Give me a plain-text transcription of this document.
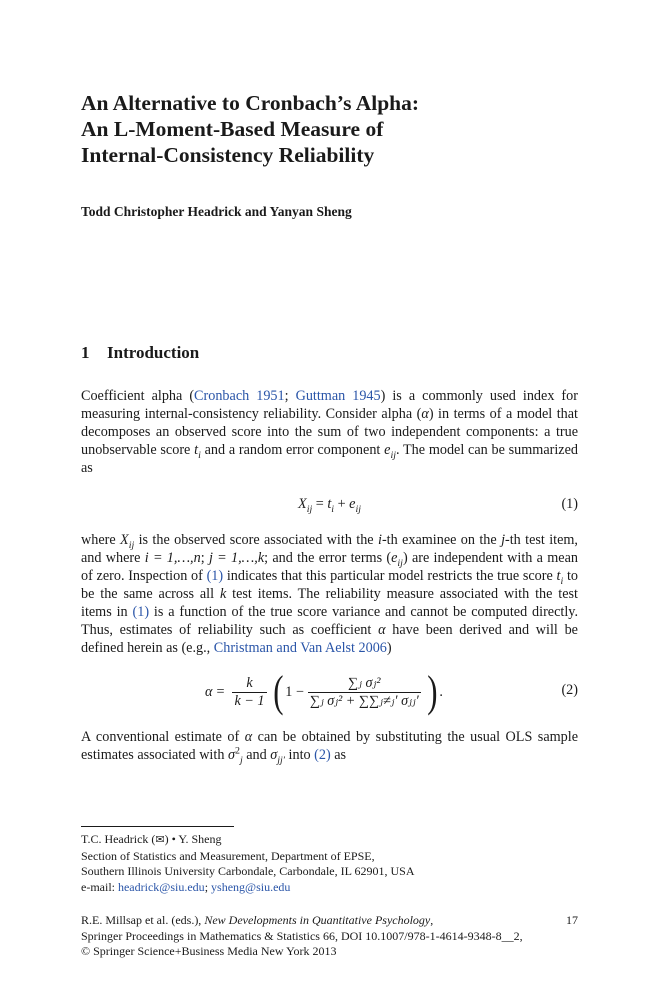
An Alternative to Cronbach’s Alpha:
An L-Moment-Based Measure of
Internal-Consistency Reliability
Todd Christopher Headrick and Yanyan Sheng
1 Introduction

Coefficient alpha (Cronbach 1951; Guttman 1945) is a commonly used index for measuring internal-consistency reliability. Consider alpha (α) in terms of a model that decomposes an observed score into the sum of two independent components: a true unobservable score $t_i$ and a random error component $e_{ij}$. The model can be summarized as

$X_{ij} = t_i + e_{ij}$	(1)

where $X_{ij}$ is the observed score associated with the i-th examinee on the j-th test item, and where i = 1,…,n; j = 1,…,k; and the error terms $(e_{ij})$ are independent with a mean of zero. Inspection of (1) indicates that this particular model restricts the true score $t_i$ to be the same across all k test items. The reliability measure associated with the test items in (1) is a function of the true score variance and cannot be computed directly. Thus, estimates of reliability such as coefficient α have been derived and will be defined herein as (e.g., Christman and Van Aelst 2006)

$\alpha = \frac{k}{k - 1}$ ( $1 - \frac{\text{∑ⱼ σⱼ²}}{\text{∑ⱼ σⱼ² + ∑∑ⱼ≠ⱼ′ σⱼⱼ′}}$ ) .	(2)

A conventional estimate of α can be obtained by substituting the usual OLS sample estimates associated with $\sigma^2_j$ and $\sigma_{jj'}$ into (2) as

T.C. Headrick (✉) • Y. Sheng
Section of Statistics and Measurement, Department of EPSE,
Southern Illinois University Carbondale, Carbondale, IL 62901, USA
e-mail: headrick@siu.edu; ysheng@siu.edu
R.E. Millsap et al. (eds.), New Developments in Quantitative Psychology,	17
Springer Proceedings in Mathematics & Statistics 66, DOI 10.1007/978-1-4614-9348-8__2,
© Springer Science+Business Media New York 2013
